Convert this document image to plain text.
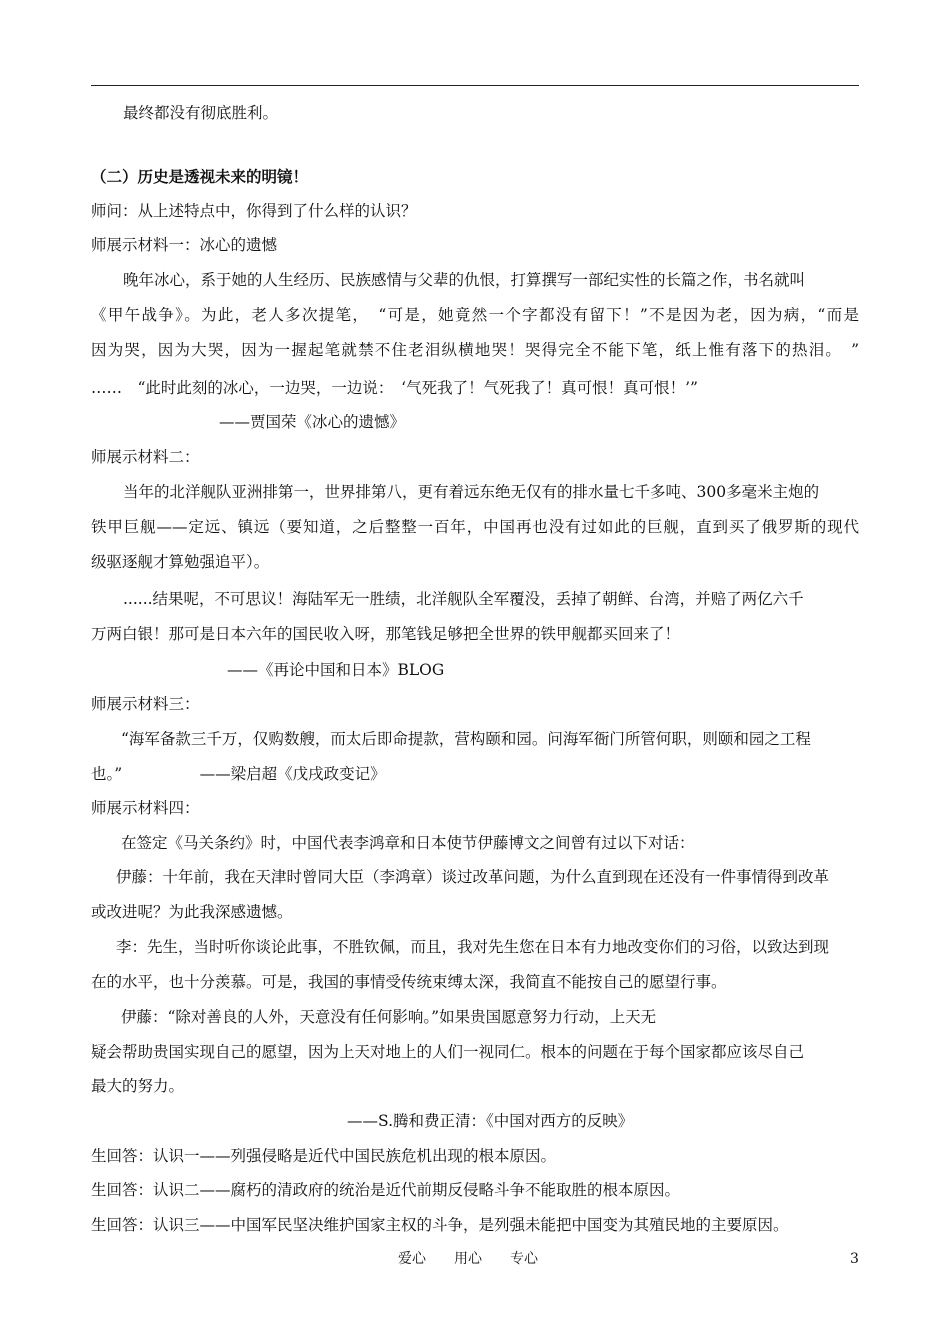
最终都没有彻底胜利。
（二）历史是透视未来的明镜！
师问：从上述特点中，你得到了什么样的认识？
师展示材料一：冰心的遗憾
晚年冰心，系于她的人生经历、民族感情与父辈的仇恨，打算撰写一部纪实性的长篇之作，书名就叫
《甲午战争》。为此，老人多次提笔，　“可是，她竟然一个字都没有留下！”不是因为老，因为病，“而是
因为哭，因为大哭，因为一握起笔就禁不住老泪纵横地哭！哭得完全不能下笔，纸上惟有落下的热泪。　”
……　“此时此刻的冰心，一边哭，一边说：　‘气死我了！气死我了！真可恨！真可恨！’”
——贾国荣《冰心的遗憾》
师展示材料二：
当年的北洋舰队亚洲排第一，世界排第八，更有着远东绝无仅有的排水量七千多吨、300多毫米主炮的
铁甲巨舰——定远、镇远（要知道，之后整整一百年，中国再也没有过如此的巨舰，直到买了俄罗斯的现代
级驱逐舰才算勉强追平）。
......结果呢，不可思议！海陆军无一胜绩，北洋舰队全军覆没，丢掉了朝鲜、台湾，并赔了两亿六千
万两白银！那可是日本六年的国民收入呀，那笔钱足够把全世界的铁甲舰都买回来了！
——《再论中国和日本》BLOG
师展示材料三：
“海军备款三千万，仅购数艘，而太后即命提款，营构颐和园。问海军衙门所管何职，则颐和园之工程
也。”　　　　　——梁启超《戊戌政变记》
师展示材料四：
在签定《马关条约》时，中国代表李鸿章和日本使节伊藤博文之间曾有过以下对话：
伊藤：十年前，我在天津时曾同大臣（李鸿章）谈过改革问题，为什么直到现在还没有一件事情得到改革
或改进呢？为此我深感遗憾。
李：先生，当时听你谈论此事，不胜钦佩，而且，我对先生您在日本有力地改变你们的习俗，以致达到现
在的水平，也十分羡慕。可是，我国的事情受传统束缚太深，我简直不能按自己的愿望行事。
伊藤：“除对善良的人外，天意没有任何影响。”如果贵国愿意努力行动，上天无
疑会帮助贵国实现自己的愿望，因为上天对地上的人们一视同仁。根本的问题在于每个国家都应该尽自己
最大的努力。
——S.腾和费正清：《中国对西方的反映》
生回答：认识一——列强侵略是近代中国民族危机出现的根本原因。
生回答：认识二——腐朽的清政府的统治是近代前期反侵略斗争不能取胜的根本原因。
生回答：认识三——中国军民坚决维护国家主权的斗争，是列强未能把中国变为其殖民地的主要原因。
爱心　　用心　　专心	3
